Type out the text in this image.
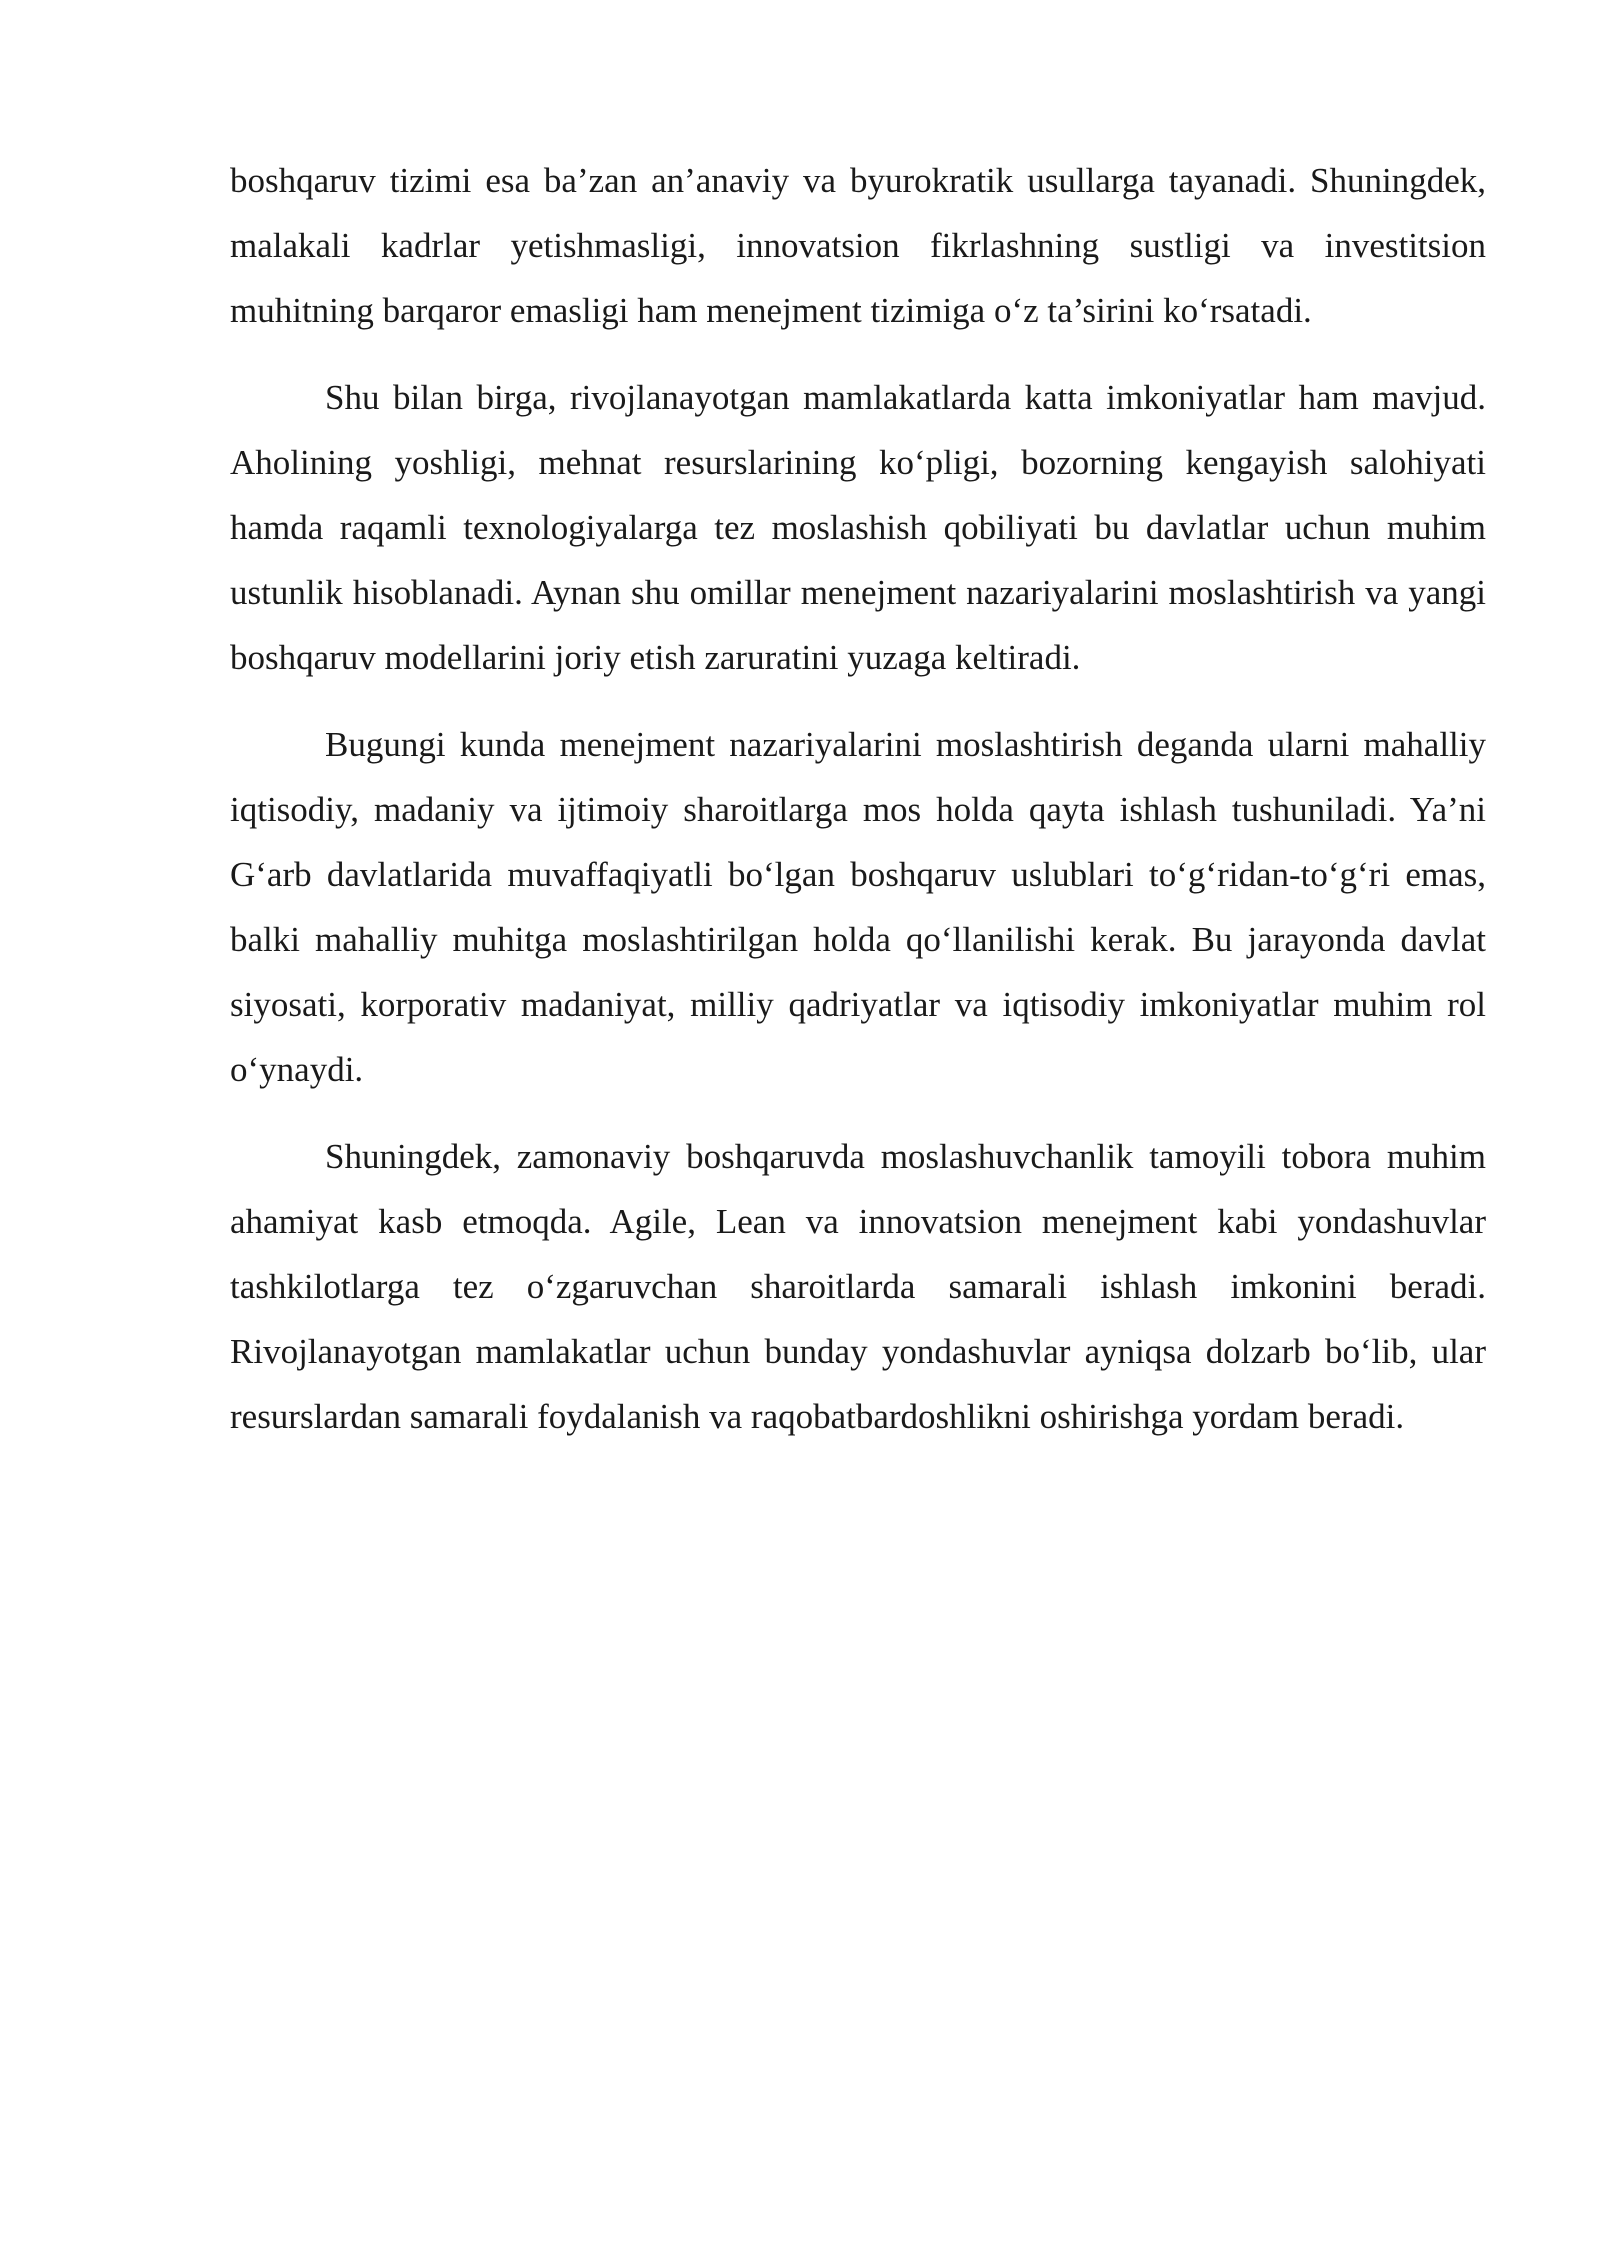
boshqaruv tizimi esa ba’zan an’anaviy va byurokratik usullarga tayanadi. Shuningdek, malakali kadrlar yetishmasligi, innovatsion fikrlashning sustligi va investitsion muhitning barqaror emasligi ham menejment tizimiga o‘z ta’sirini ko‘rsatadi.

Shu bilan birga, rivojlanayotgan mamlakatlarda katta imkoniyatlar ham mavjud. Aholining yoshligi, mehnat resurslarining ko‘pligi, bozorning kengayish salohiyati hamda raqamli texnologiyalarga tez moslashish qobiliyati bu davlatlar uchun muhim ustunlik hisoblanadi. Aynan shu omillar menejment nazariyalarini moslashtirish va yangi boshqaruv modellarini joriy etish zaruratini yuzaga keltiradi.

Bugungi kunda menejment nazariyalarini moslashtirish deganda ularni mahalliy iqtisodiy, madaniy va ijtimoiy sharoitlarga mos holda qayta ishlash tushuniladi. Ya’ni G‘arb davlatlarida muvaffaqiyatli bo‘lgan boshqaruv uslublari to‘g‘ridan-to‘g‘ri emas, balki mahalliy muhitga moslashtirilgan holda qo‘llanilishi kerak. Bu jarayonda davlat siyosati, korporativ madaniyat, milliy qadriyatlar va iqtisodiy imkoniyatlar muhim rol o‘ynaydi.

Shuningdek, zamonaviy boshqaruvda moslashuvchanlik tamoyili tobora muhim ahamiyat kasb etmoqda. Agile, Lean va innovatsion menejment kabi yondashuvlar tashkilotlarga tez o‘zgaruvchan sharoitlarda samarali ishlash imkonini beradi. Rivojlanayotgan mamlakatlar uchun bunday yondashuvlar ayniqsa dolzarb bo‘lib, ular resurslardan samarali foydalanish va raqobatbardoshlikni oshirishga yordam beradi.
